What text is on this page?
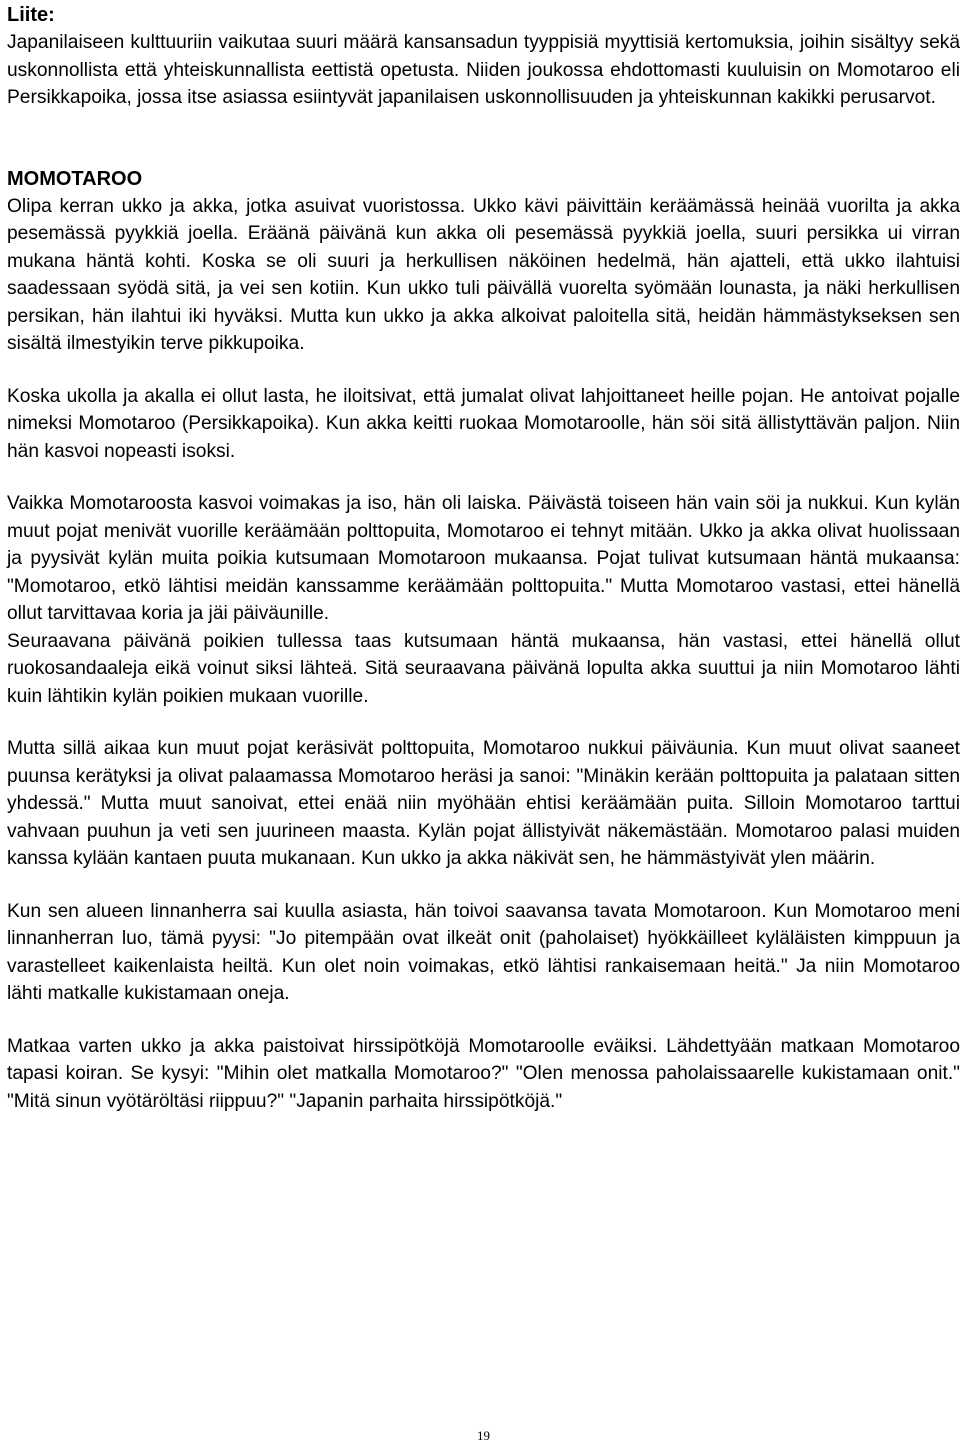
Liite:

Japanilaiseen kulttuuriin vaikutaa suuri määrä kansansadun tyyppisiä myyttisiä kertomuksia, joihin sisältyy sekä uskonnollista että yhteiskunnallista eettistä opetusta. Niiden joukossa ehdottomasti kuuluisin on Momotaroo eli Persikkapoika, jossa itse asiassa esiintyvät japanilaisen uskonnollisuuden ja yhteiskunnan kakikki perusarvot.

MOMOTAROO

Olipa kerran ukko ja akka, jotka asuivat vuoristossa. Ukko kävi päivittäin keräämässä heinää vuorilta ja akka pesemässä pyykkiä joella. Eräänä päivänä kun akka oli pesemässä pyykkiä joella, suuri persikka ui virran mukana häntä kohti. Koska se oli suuri ja herkullisen näköinen hedelmä, hän ajatteli, että ukko ilahtuisi saadessaan syödä sitä, ja vei sen kotiin. Kun ukko tuli päivällä vuorelta syömään lounasta, ja näki herkullisen persikan, hän ilahtui iki hyväksi. Mutta kun ukko ja akka alkoivat paloitella sitä, heidän hämmästykseksen sen sisältä ilmestyikin terve pikkupoika.

Koska ukolla ja akalla ei ollut lasta, he iloitsivat, että jumalat olivat lahjoittaneet heille pojan. He antoivat pojalle nimeksi Momotaroo (Persikkapoika). Kun akka keitti ruokaa Momotaroolle, hän söi sitä ällistyttävän paljon. Niin hän kasvoi nopeasti isoksi.

Vaikka Momotaroosta kasvoi voimakas ja iso, hän oli laiska. Päivästä toiseen hän vain söi ja nukkui. Kun kylän muut pojat menivät vuorille keräämään polttopuita, Momotaroo ei tehnyt mitään. Ukko ja akka olivat huolissaan ja pyysivät kylän muita poikia kutsumaan Momotaroon mukaansa. Pojat tulivat kutsumaan häntä mukaansa: "Momotaroo, etkö lähtisi meidän kanssamme keräämään polttopuita." Mutta Momotaroo vastasi, ettei hänellä ollut tarvittavaa koria ja jäi päiväunille.

Seuraavana päivänä poikien tullessa taas kutsumaan häntä mukaansa, hän vastasi, ettei hänellä ollut ruokosandaaleja eikä voinut siksi lähteä. Sitä seuraavana päivänä lopulta akka suuttui ja niin Momotaroo lähti kuin lähtikin kylän poikien mukaan vuorille.

Mutta sillä aikaa kun muut pojat keräsivät polttopuita, Momotaroo nukkui päiväunia. Kun muut olivat saaneet puunsa kerätyksi ja olivat palaamassa Momotaroo heräsi ja sanoi: "Minäkin kerään polttopuita ja palataan sitten yhdessä." Mutta muut sanoivat, ettei enää niin myöhään ehtisi keräämään puita. Silloin Momotaroo tarttui vahvaan puuhun ja veti sen juurineen maasta. Kylän pojat ällistyivät näkemästään. Momotaroo palasi muiden kanssa kylään kantaen puuta mukanaan. Kun ukko ja akka näkivät sen, he hämmästyivät ylen määrin.

Kun sen alueen linnanherra sai kuulla asiasta, hän toivoi saavansa tavata Momotaroon. Kun Momotaroo meni linnanherran luo, tämä pyysi: "Jo pitempään ovat ilkeät onit (paholaiset) hyökkäilleet kyläläisten kimppuun ja varastelleet kaikenlaista heiltä. Kun olet noin voimakas, etkö lähtisi rankaisemaan heitä." Ja niin Momotaroo lähti matkalle kukistamaan oneja.

Matkaa varten ukko ja akka paistoivat hirssipötköjä Momotaroolle eväiksi. Lähdettyään matkaan Momotaroo tapasi koiran. Se kysyi: "Mihin olet matkalla Momotaroo?" "Olen menossa paholaissaarelle kukistamaan onit." "Mitä sinun vyötäröltäsi riippuu?" "Japanin parhaita hirssipötköjä."

19
